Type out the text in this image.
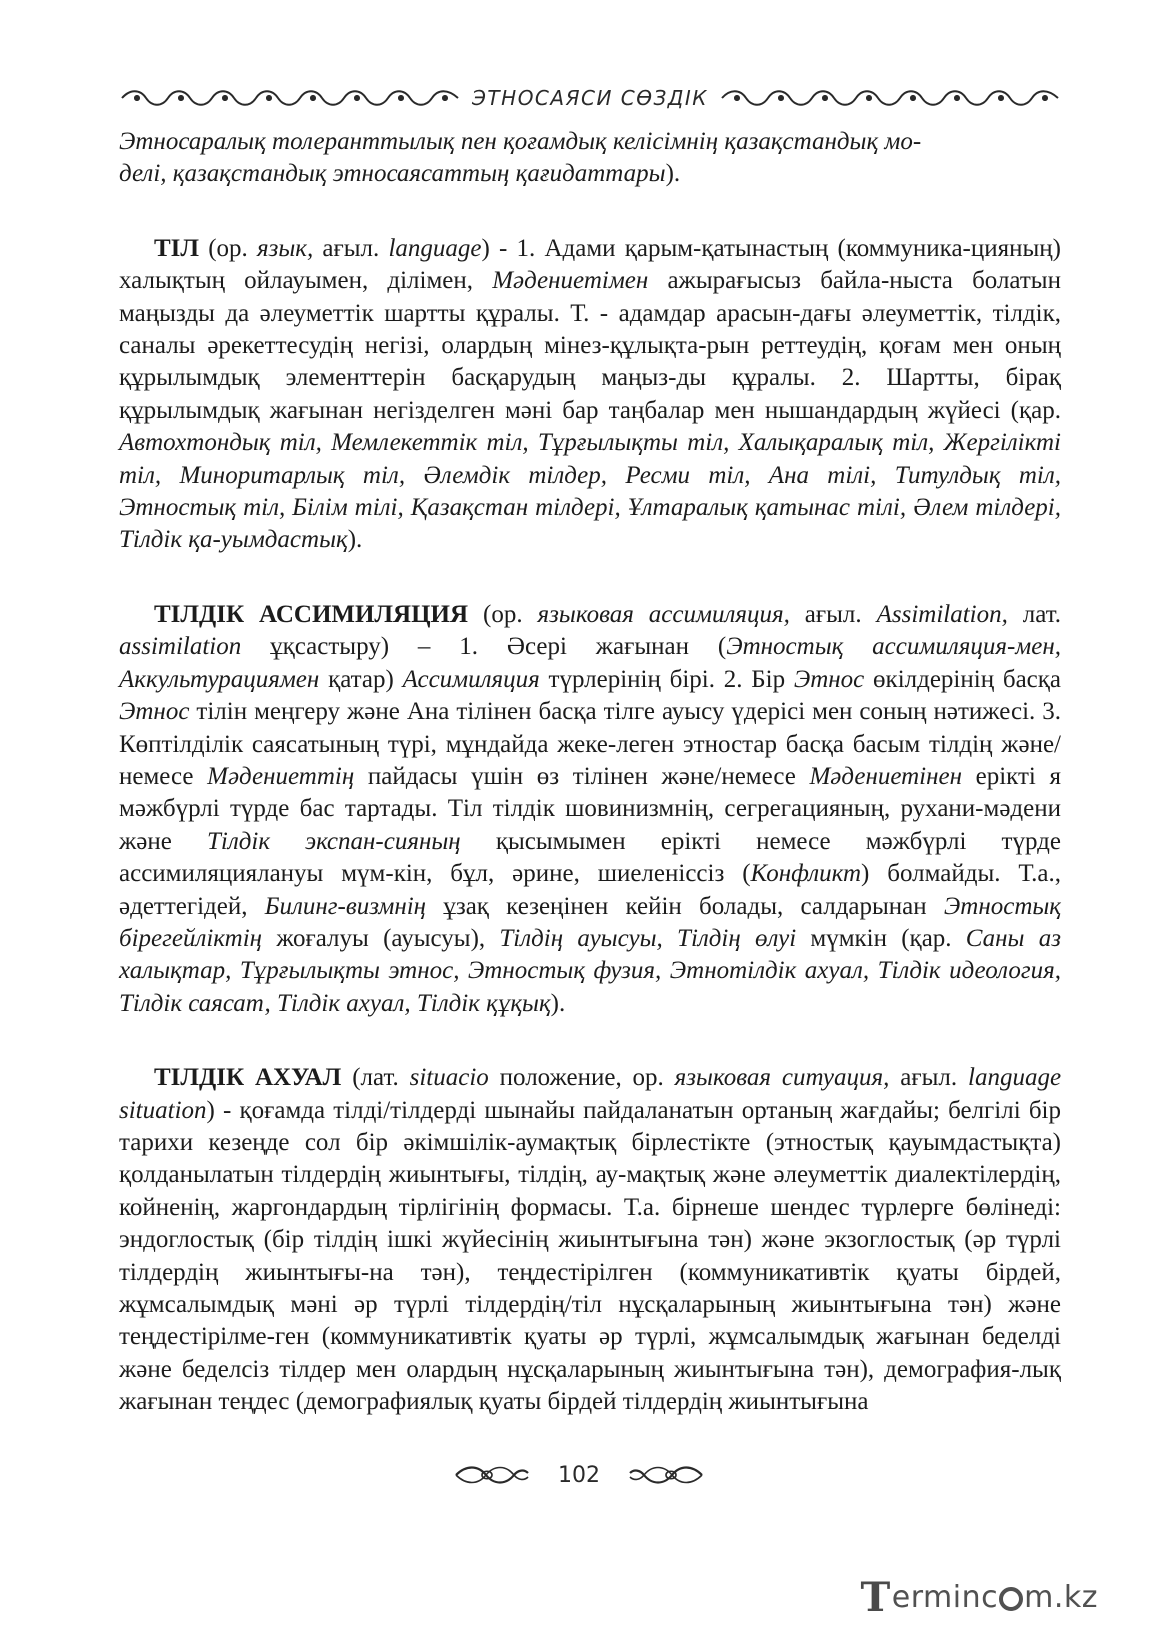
ЭТНОСАЯСИ СӨЗДІК

Этносаралық толеранттылық пен қоғамдық келісімнің қазақстандық мо-
делі, қазақстандық этносаясаттың қағидаттары).

ТІЛ (ор. язык, ағыл. language) - 1. Адами қарым-қатынастың (коммуника-цияның) халықтың ойлауымен, ділімен, Мәдениетімен ажырағысыз байла-ныста болатын маңызды да әлеуметтік шартты құралы. Т. - адамдар арасын-дағы әлеуметтік, тілдік, саналы әрекеттесудің негізі, олардың мінез-құлықта-рын реттеудің, қоғам мен оның құрылымдық элементтерін басқарудың маңыз-ды құралы. 2. Шартты, бірақ құрылымдық жағынан негізделген мәні бар таңбалар мен нышандардың жүйесі (қар. Автохтондық тіл, Мемлекеттік тіл, Тұрғылықты тіл, Халықаралық тіл, Жергілікті тіл, Миноритарлық тіл, Әлемдік тілдер, Ресми тіл, Ана тілі, Титулдық тіл, Этностық тіл, Білім тілі, Қазақстан тілдері, Ұлтаралық қатынас тілі, Әлем тілдері, Тілдік қа-уымдастық).

ТІЛДІК АССИМИЛЯЦИЯ (ор. языковая ассимиляция, ағыл. Assimilation, лат. assimilation ұқсастыру) – 1. Әсері жағынан (Этностық ассимиляция-мен, Аккультурациямен қатар) Ассимиляция түрлерінің бірі. 2. Бір Этнос өкілдерінің басқа Этнос тілін меңгеру және Ана тілінен басқа тілге ауысу үдерісі мен соның нәтижесі. 3. Көптілділік саясатының түрі, мұндайда жеке-леген этностар басқа басым тілдің және/немесе Мәдениеттің пайдасы үшін өз тілінен және/немесе Мәдениетінен ерікті я мәжбүрлі түрде бас тартады. Тіл тілдік шовинизмнің, сегрегацияның, рухани-мәдени және Тілдік экспан-сияның қысымымен ерікті немесе мәжбүрлі түрде ассимиляциялануы мүм-кін, бұл, әрине, шиеленіссіз (Конфликт) болмайды. Т.а., әдеттегідей, Билинг-визмнің ұзақ кезеңінен кейін болады, салдарынан Этностық бірегейліктің жоғалуы (ауысуы), Тілдің ауысуы, Тілдің өлуі мүмкін (қар. Саны аз халықтар, Тұрғылықты этнос, Этностық фузия, Этнотілдік ахуал, Тілдік идеология, Тілдік саясат, Тілдік ахуал, Тілдік құқық).

ТІЛДІК АХУАЛ (лат. situacio положение, ор. языковая ситуация, ағыл. language situation) - қоғамда тілді/тілдерді шынайы пайдаланатын ортаның жағдайы; белгілі бір тарихи кезеңде сол бір әкімшілік-аумақтық бірлестікте (этностық қауымдастықта) қолданылатын тілдердің жиынтығы, тілдің, ау-мақтық және әлеуметтік диалектілердің, койненің, жаргондардың тірлігінің формасы. Т.а. бірнеше шендес түрлерге бөлінеді: эндоглостық (бір тілдің ішкі жүйесінің жиынтығына тән) және экзоглостық (әр түрлі тілдердің жиынтығы-на тән), теңдестірілген (коммуникативтік қуаты бірдей, жұмсалымдық мәні әр түрлі тілдердің/тіл нұсқаларының жиынтығына тән) және теңдестірілме-ген (коммуникативтік қуаты әр түрлі, жұмсалымдық жағынан беделді және беделсіз тілдер мен олардың нұсқаларының жиынтығына тән), демография-лық жағынан теңдес (демографиялық қуаты бірдей тілдердің жиынтығына

102
T ermin c m.kz
